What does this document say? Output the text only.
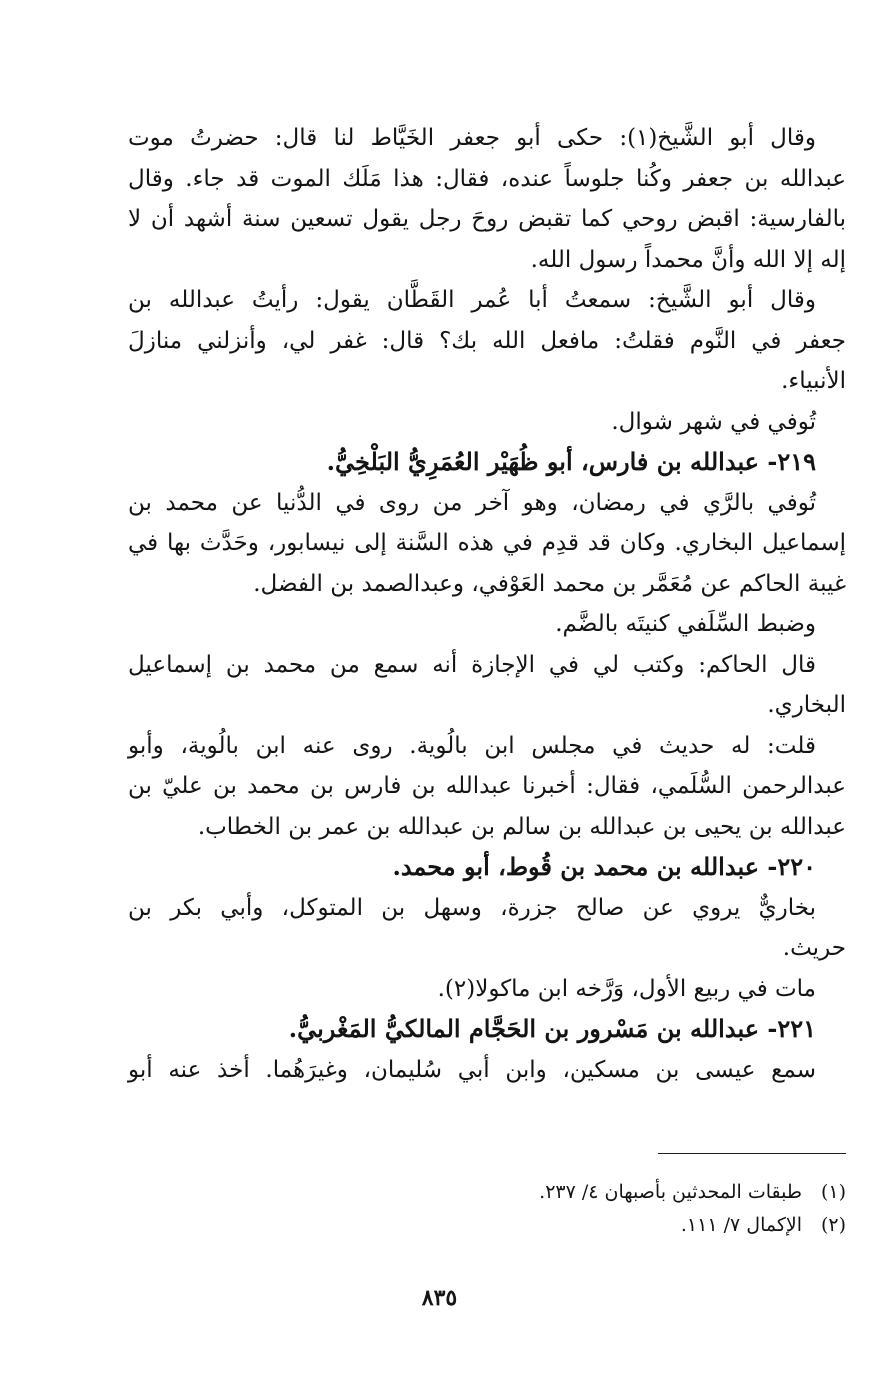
وقال أبو الشَّيخ(١): حكى أبو جعفر الخَيَّاط لنا قال: حضرتُ موت
عبدالله بن جعفر وكُنا جلوساً عنده، فقال: هذا مَلَك الموت قد جاء. وقال
بالفارسية: اقبض روحي كما تقبض روحَ رجل يقول تسعين سنة أشهد أن لا
إله إلا الله وأنَّ محمداً رسول الله.
وقال أبو الشَّيخ: سمعتُ أبا عُمر القَطَّان يقول: رأيتُ عبدالله بن
جعفر في النَّوم فقلتُ: مافعل الله بك؟ قال: غفر لي، وأنزلني منازلَ
الأنبياء.
تُوفي في شهر شوال.
٢١٩- عبدالله بن فارس، أبو ظُهَيْر العُمَرِيُّ البَلْخِيُّ.
تُوفي بالرَّي في رمضان، وهو آخر من روى في الدُّنيا عن محمد بن
إسماعيل البخاري. وكان قد قدِم في هذه السَّنة إلى نيسابور، وحَدَّث بها في
غيبة الحاكم عن مُعَمَّر بن محمد العَوْفي، وعبدالصمد بن الفضل.
وضبط السِّلَفي كنيتَه بالضَّم.
قال الحاكم: وكتب لي في الإجازة أنه سمع من محمد بن إسماعيل
البخاري.
قلت: له حديث في مجلس ابن بالُوية. روى عنه ابن بالُوية، وأبو
عبدالرحمن السُّلَمي، فقال: أخبرنا عبدالله بن فارس بن محمد بن عليّ بن
عبدالله بن يحيى بن عبدالله بن سالم بن عبدالله بن عمر بن الخطاب.
٢٢٠- عبدالله بن محمد بن قُوط، أبو محمد.
بخاريٌّ يروي عن صالح جزرة، وسهل بن المتوكل، وأبي بكر بن
حريث.
مات في ربيع الأول، وَرَّخه ابن ماكولا(٢).
٢٢١- عبدالله بن مَسْرور بن الحَجَّام المالكيُّ المَغْربيُّ.
سمع عيسى بن مسكين، وابن أبي سُليمان، وغيرَهُما. أخذ عنه أبو
(١)طبقات المحدثين بأصبهان ٤/ ٢٣٧.
(٢)الإكمال ٧/ ١١١.
٨٣٥
